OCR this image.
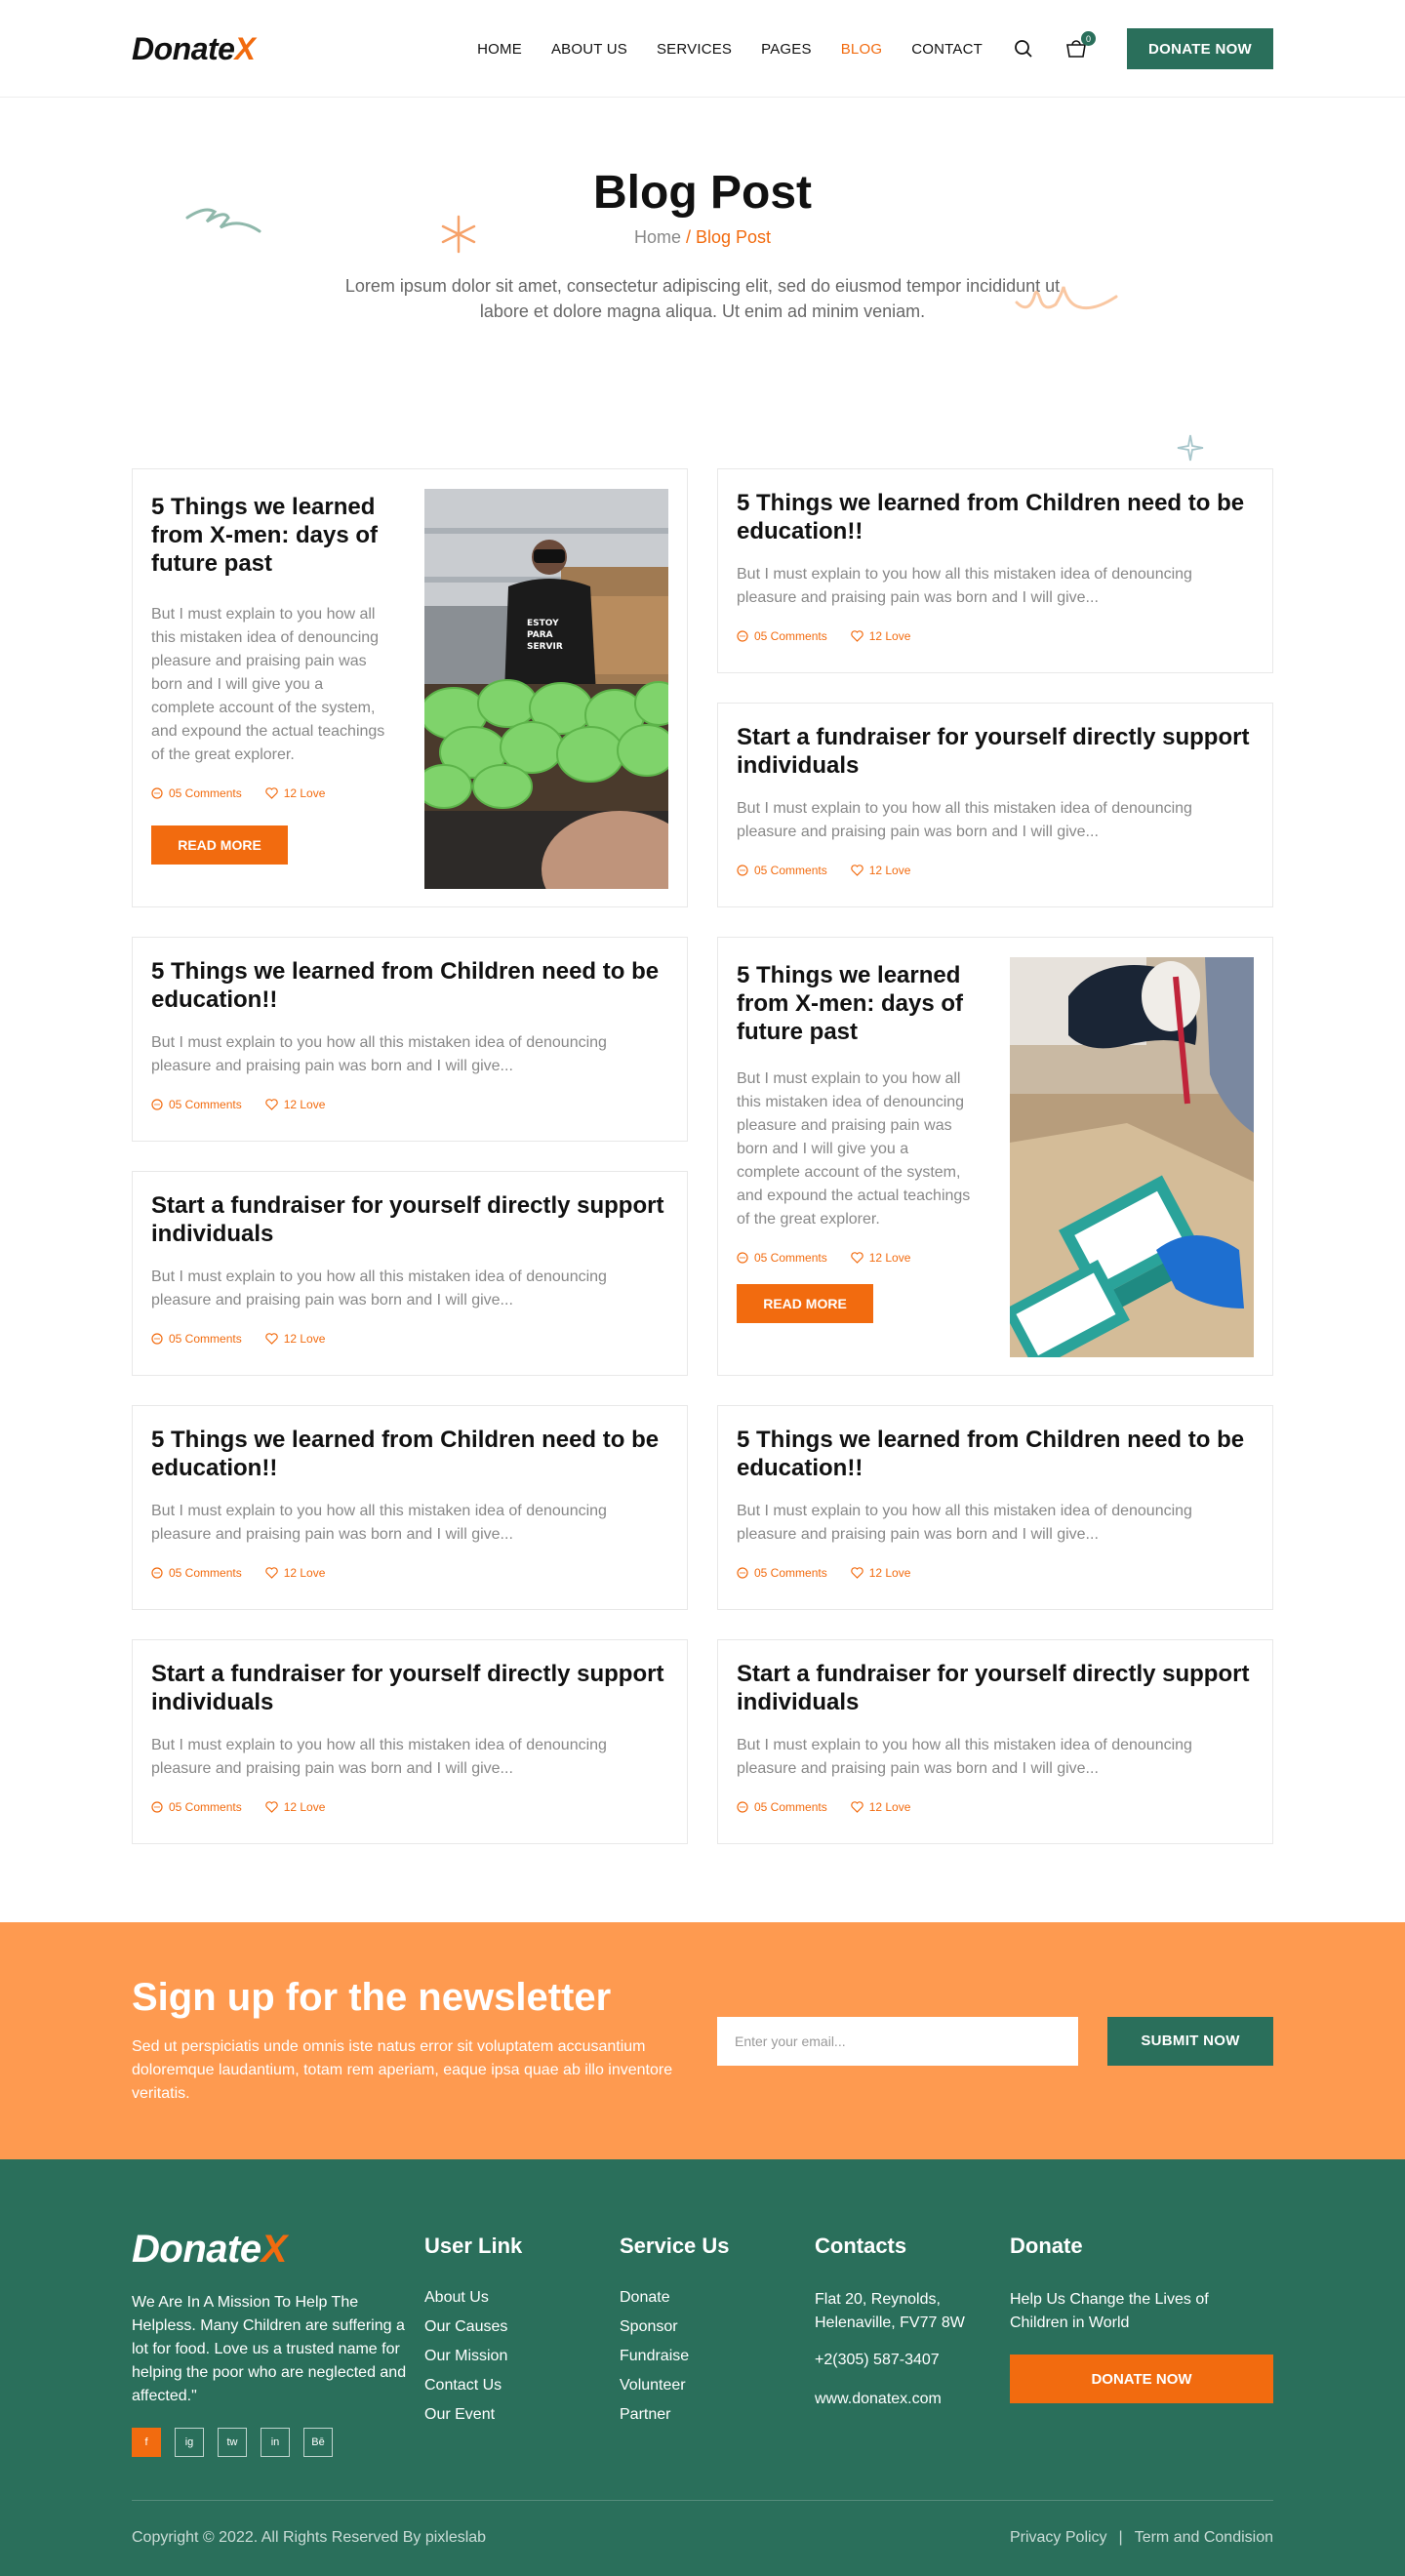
DonateX	HOME ABOUT US SERVICES PAGES BLOG CONTACT
0
DONATE NOW
Blog Post
Home / Blog Post

Lorem ipsum dolor sit amet, consectetur adipiscing elit, sed do eiusmod tempor incididunt ut labore et dolore magna aliqua. Ut enim ad minim veniam.

5 Things we learned from X-men: days of future past

But I must explain to you how all this mistaken idea of denouncing pleasure and praising pain was born and I will give you a complete account of the system, and expound the actual teachings of the great explorer.

05 Comments	12 Love
READ MORE
ESTOY
PARA
SERVIR
5 Things we learned from Children need to be education!!

But I must explain to you how all this mistaken idea of denouncing pleasure and praising pain was born and I will give...

05 Comments	12 Love
Start a fundraiser for yourself directly support individuals

But I must explain to you how all this mistaken idea of denouncing pleasure and praising pain was born and I will give...

05 Comments	12 Love
5 Things we learned from Children need to be education!!

But I must explain to you how all this mistaken idea of denouncing pleasure and praising pain was born and I will give...

05 Comments	12 Love
Start a fundraiser for yourself directly support individuals

But I must explain to you how all this mistaken idea of denouncing pleasure and praising pain was born and I will give...

05 Comments	12 Love
5 Things we learned from X-men: days of future past

But I must explain to you how all this mistaken idea of denouncing pleasure and praising pain was born and I will give you a complete account of the system, and expound the actual teachings of the great explorer.

05 Comments	12 Love
READ MORE
5 Things we learned from Children need to be education!!

But I must explain to you how all this mistaken idea of denouncing pleasure and praising pain was born and I will give...

05 Comments	12 Love
5 Things we learned from Children need to be education!!

But I must explain to you how all this mistaken idea of denouncing pleasure and praising pain was born and I will give...

05 Comments	12 Love
Start a fundraiser for yourself directly support individuals

But I must explain to you how all this mistaken idea of denouncing pleasure and praising pain was born and I will give...

05 Comments	12 Love
Start a fundraiser for yourself directly support individuals

But I must explain to you how all this mistaken idea of denouncing pleasure and praising pain was born and I will give...

05 Comments	12 Love
Sign up for the newsletter

Sed ut perspiciatis unde omnis iste natus error sit voluptatem accusantium doloremque laudantium, totam rem aperiam, eaque ipsa quae ab illo inventore veritatis.

Enter your email...
SUBMIT NOW
DonateX

We Are In A Mission To Help The Helpless. Many Children are suffering a lot for food. Love us a trusted name for helping the poor who are neglected and affected."

f	ig	tw	in	Bē
User Link
About Us
Our Causes
Our Mission
Contact Us
Our Event
Service Us
Donate
Sponsor
Fundraise
Volunteer
Partner
Contacts
Flat 20, Reynolds, Helenaville, FV77 8W
+2(305) 587-3407
www.donatex.com
Donate
Help Us Change the Lives of Children in World
DONATE NOW
Copyright © 2022. All Rights Reserved By pixleslab	Privacy Policy | Term and Condision
